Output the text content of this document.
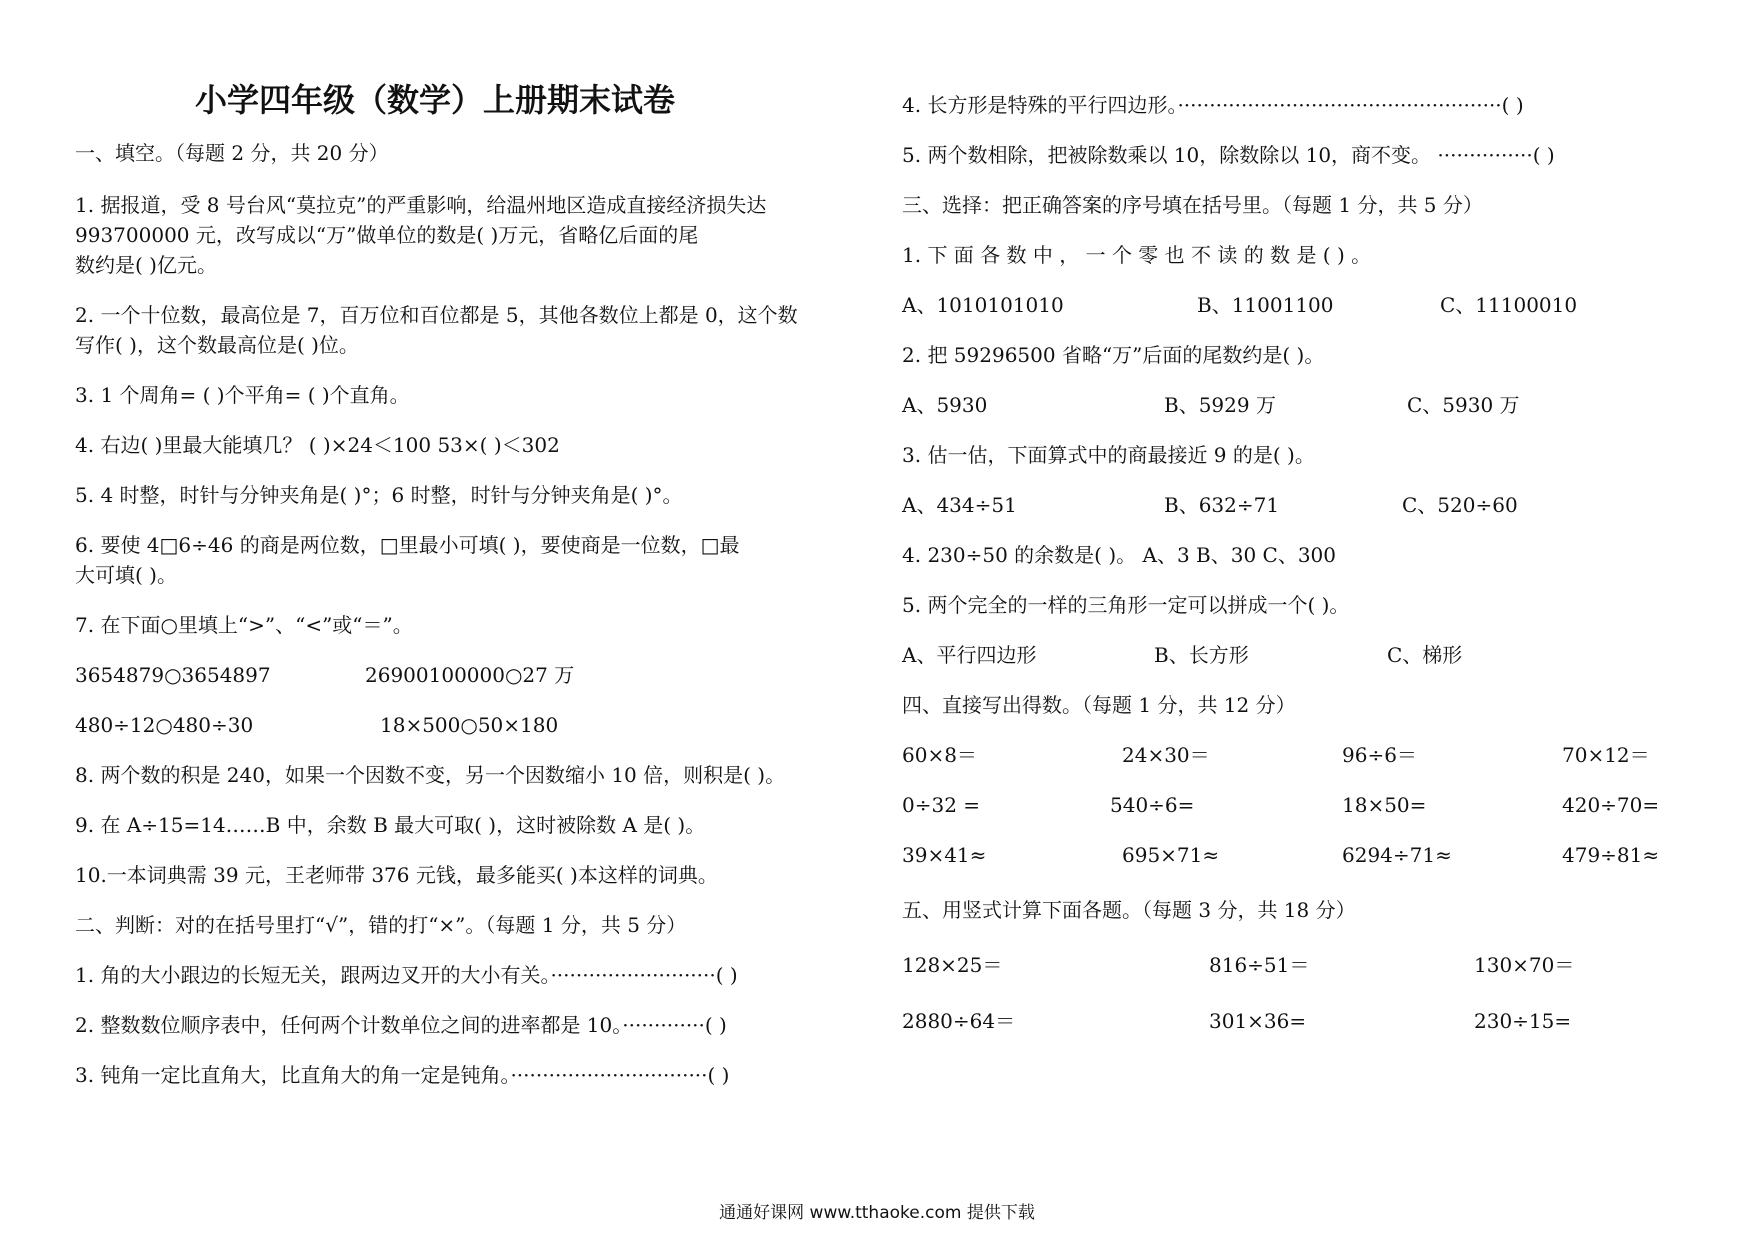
小学四年级（数学）上册期末试卷
一、填空。（每题 2 分，共 20 分）
1. 据报道，受 8 号台风“莫拉克”的严重影响，给温州地区造成直接经济损失达
993700000 元，改写成以“万”做单位的数是( )万元，省略亿后面的尾
数约是( )亿元。
2. 一个十位数，最高位是 7，百万位和百位都是 5，其他各数位上都是 0，这个数
写作( )，这个数最高位是( )位。
3. 1 个周角= ( )个平角= ( )个直角。
4. 右边( )里最大能填几？ ( )×24＜100 53×( )＜302
5. 4 时整，时针与分钟夹角是( )°；6 时整，时针与分钟夹角是( )°。
6. 要使 4□6÷46 的商是两位数，□里最小可填( )，要使商是一位数，□最
大可填( )。
7. 在下面○里填上“>”、“<”或“＝”。
3654879○3654897	26900100000○27 万
480÷12○480÷30	18×500○50×180
8. 两个数的积是 240，如果一个因数不变，另一个因数缩小 10 倍，则积是( )。
9. 在 A÷15=14……B 中，余数 B 最大可取( )，这时被除数 A 是( )。
10.一本词典需 39 元，王老师带 376 元钱，最多能买( )本这样的词典。
二、判断：对的在括号里打“√”，错的打“×”。（每题 1 分，共 5 分）
1. 角的大小跟边的长短无关，跟两边叉开的大小有关。··························( )
2. 整数数位顺序表中，任何两个计数单位之间的进率都是 10。·············( )
3. 钝角一定比直角大，比直角大的角一定是钝角。·······························( )
4. 长方形是特殊的平行四边形。···················································( )
5. 两个数相除，把被除数乘以 10，除数除以 10，商不变。 ···············( )
三、选择：把正确答案的序号填在括号里。（每题 1 分，共 5 分）
1. 下 面 各 数 中 ， 一 个 零 也 不 读 的 数 是 ( ) 。
A、1010101010	B、11001100	C、11100010
2. 把 59296500 省略“万”后面的尾数约是( )。
A、5930	B、5929 万	C、5930 万
3. 估一估，下面算式中的商最接近 9 的是( )。
A、434÷51	B、632÷71	C、520÷60
4. 230÷50 的余数是( )。 A、3 B、30 C、300
5. 两个完全的一样的三角形一定可以拼成一个( )。
A、平行四边形	B、长方形	C、梯形
四、直接写出得数。（每题 1 分，共 12 分）
60×8＝	24×30＝	96÷6＝	70×12＝
0÷32 =	540÷6=	18×50=	420÷70=
39×41≈	695×71≈	6294÷71≈	479÷81≈
五、用竖式计算下面各题。（每题 3 分，共 18 分）
128×25＝	816÷51＝	130×70＝
2880÷64＝	301×36=	230÷15=
通通好课网 www.tthaoke.com 提供下载
